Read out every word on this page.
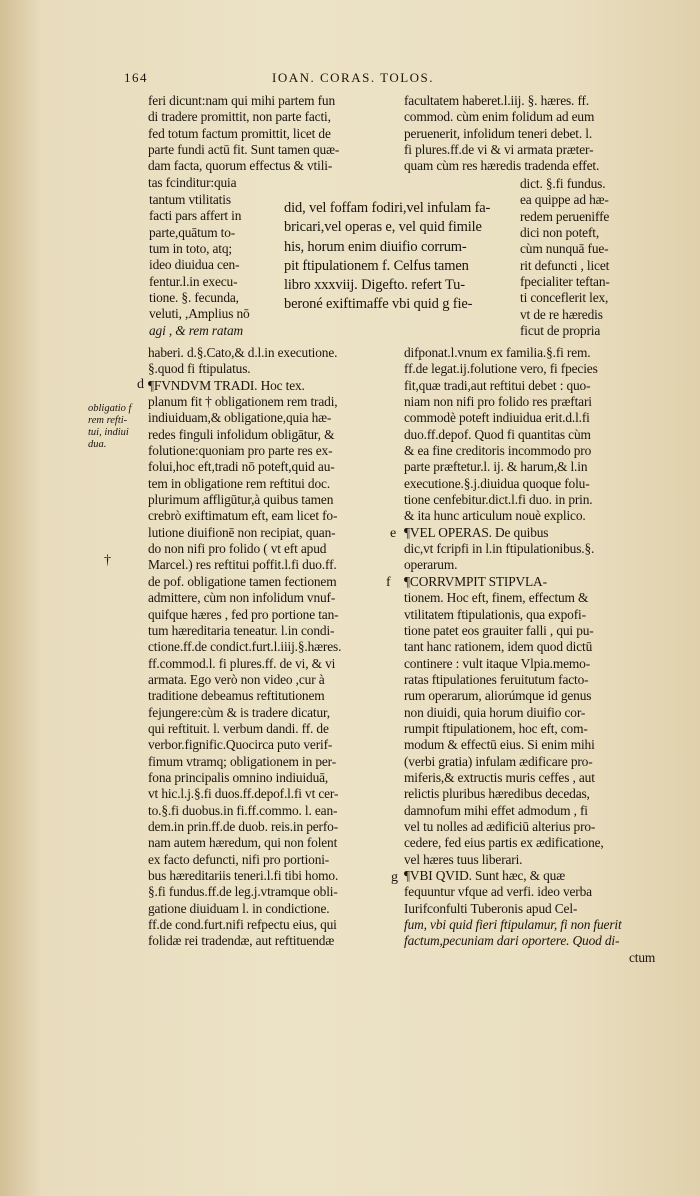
164	IOAN. CORAS. TOLOS.
feri dicunt:nam qui mihi partem fun
di tradere promittit, non parte facti,
fed totum factum promittit, licet de
parte fundi actū fit. Sunt tamen quæ-
dam facta, quorum effectus & vtili-
tas fcinditur:quia
tantum vtilitatis
facti pars affert in
parte,quātum to-
tum in toto, atq;
ideo diuidua cen-
fentur.l.in execu-
tione. §. fecunda,
veluti, ,Amplius nō
agi , & rem ratam
did, vel foffam fodiri,vel infulam fa-
bricari,vel operas e, vel quid fimile
his, horum enim diuifio corrum-
pit ftipulationem f. Celfus tamen
libro xxxviij. Digefto. refert Tu-
beroné exiftimaffe vbi quid g fie-
haberi. d.§.Cato,& d.l.in executione.
§.quod fi ftipulatus.
¶FVNDVM TRADI. Hoc tex.
planum fit † obligationem rem tradi,
indiuiduam,& obligatione,quia hæ-
redes finguli infolidum obligātur, &
folutione:quoniam pro parte res ex-
folui,hoc eft,tradi nō poteft,quid au-
tem in obligatione rem reftitui doc.
plurimum affligūtur,à quibus tamen
crebrò exiftimatum eft, eam licet fo-
lutione diuifionē non recipiat, quan-
do non nifi pro folido ( vt eft apud
Marcel.) res reftitui poffit.l.fi duo.ff.
de pof. obligatione tamen fectionem
admittere, cùm non infolidum vnuf-
quifque hæres , fed pro portione tan-
tum hæreditaria teneatur. l.in condi-
ctione.ff.de condict.furt.l.iiij.§.hæres.
ff.commod.l. fi plures.ff. de vi, & vi
armata. Ego verò non video ,cur à
traditione debeamus reftitutionem
fejungere:cùm & is tradere dicatur,
qui reftituit. l. verbum dandi. ff. de
verbor.fignific.Quocirca puto verif-
fimum vtramq; obligationem in per-
fona principalis omnino indiuiduā,
vt hic.l.j.§.fi duos.ff.depof.l.fi vt cer-
to.§.fi duobus.in fi.ff.commo. l. ean-
dem.in prin.ff.de duob. reis.in perfo-
nam autem hæredum, qui non folent
ex facto defuncti, nifi pro portioni-
bus hæreditariis teneri.l.fi tibi homo.
§.fi fundus.ff.de leg.j.vtramque obli-
gatione diuiduam l. in condictione.
ff.de cond.furt.nifi refpectu eius, qui
folidæ rei tradendæ, aut reftituendæ
facultatem haberet.l.iij. §. hæres. ff.
commod. cùm enim folidum ad eum
peruenerit, infolidum teneri debet. l.
fi plures.ff.de vi & vi armata præter-
quam cùm res hæredis tradenda effet.
dict. §.fi fundus.
ea quippe ad hæ-
redem perueniffe
dici non poteft,
cùm nunquā fue-
rit defuncti , licet
fpecialiter teftan-
ti conceflerit lex,
vt de re hæredis
ficut de propria
difponat.l.vnum ex familia.§.fi rem.
ff.de legat.ij.folutione vero, fi fpecies
fit,quæ tradi,aut reftitui debet : quo-
niam non nifi pro folido res præftari
commodè poteft indiuidua erit.d.l.fi
duo.ff.depof. Quod fi quantitas cùm
& ea fine creditoris incommodo pro
parte præftetur.l. ij. & harum,& l.in
executione.§.j.diuidua quoque folu-
tione cenfebitur.dict.l.fi duo. in prin.
& ita hunc articulum nouè explico.
¶VEL OPERAS. De quibus
dic,vt fcripfi in l.in ftipulationibus.§.
operarum.
¶CORRVMPIT STIPVLA-
tionem. Hoc eft, finem, effectum &
vtilitatem ftipulationis, qua expofi-
tione patet eos grauiter falli , qui pu-
tant hanc rationem, idem quod dictū
continere : vult itaque Vlpia.memo-
ratas ftipulationes feruitutum facto-
rum operarum, aliorúmque id genus
non diuidi, quia horum diuifio cor-
rumpit ftipulationem, hoc eft, com-
modum & effectū eius. Si enim mihi
(verbi gratia) infulam ædificare pro-
miferis,& extructis muris ceffes , aut
relictis pluribus hæredibus decedas,
damnofum mihi effet admodum , fi
vel tu nolles ad ædificiū alterius pro-
cedere, fed eius partis ex ædificatione,
vel hæres tuus liberari.
¶VBI QVID. Sunt hæc, & quæ
fequuntur vfque ad verfi. ideo verba
Iurifconfulti Tuberonis apud Cel-
fum, vbi quid fieri ftipulamur, fi non fuerit
factum,pecuniam dari oportere. Quod di-
ctum
d
e
f
g
†
obligatio f
rem refti-
tui, indiui
dua.
